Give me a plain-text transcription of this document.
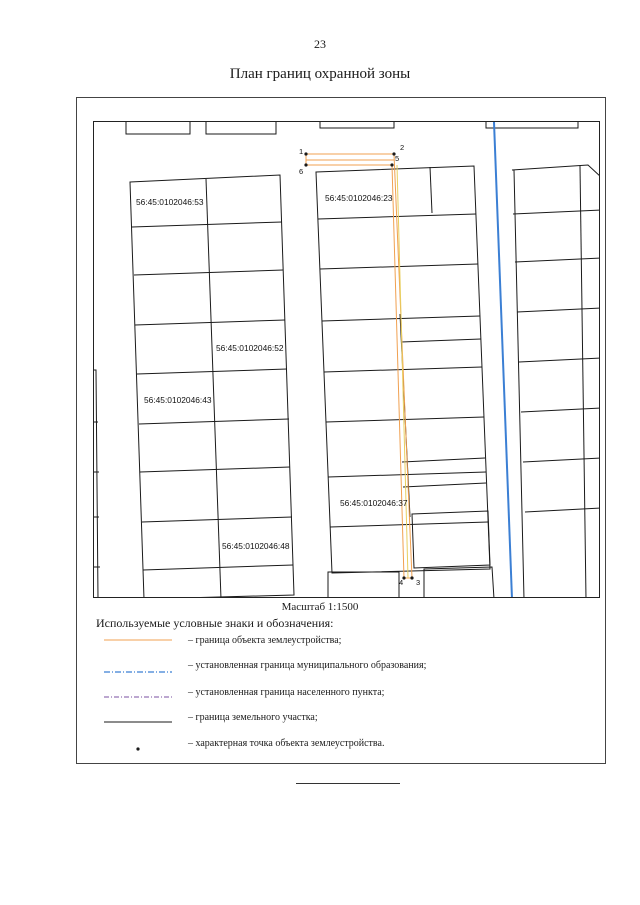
23
План границ охранной зоны
1	2
3
4
5
6
56:45:0102046:53
56:45:0102046:52
56:45:0102046:43
56:45:0102046:48
56:45:0102046:23
56:45:0102046:37
Масштаб 1:1500
Используемые условные знаки и обозначения:
– граница объекта землеустройства;
– установленная граница муниципального образования;
– установленная граница населенного пункта;
– граница земельного участка;
– характерная точка объекта землеустройства.
